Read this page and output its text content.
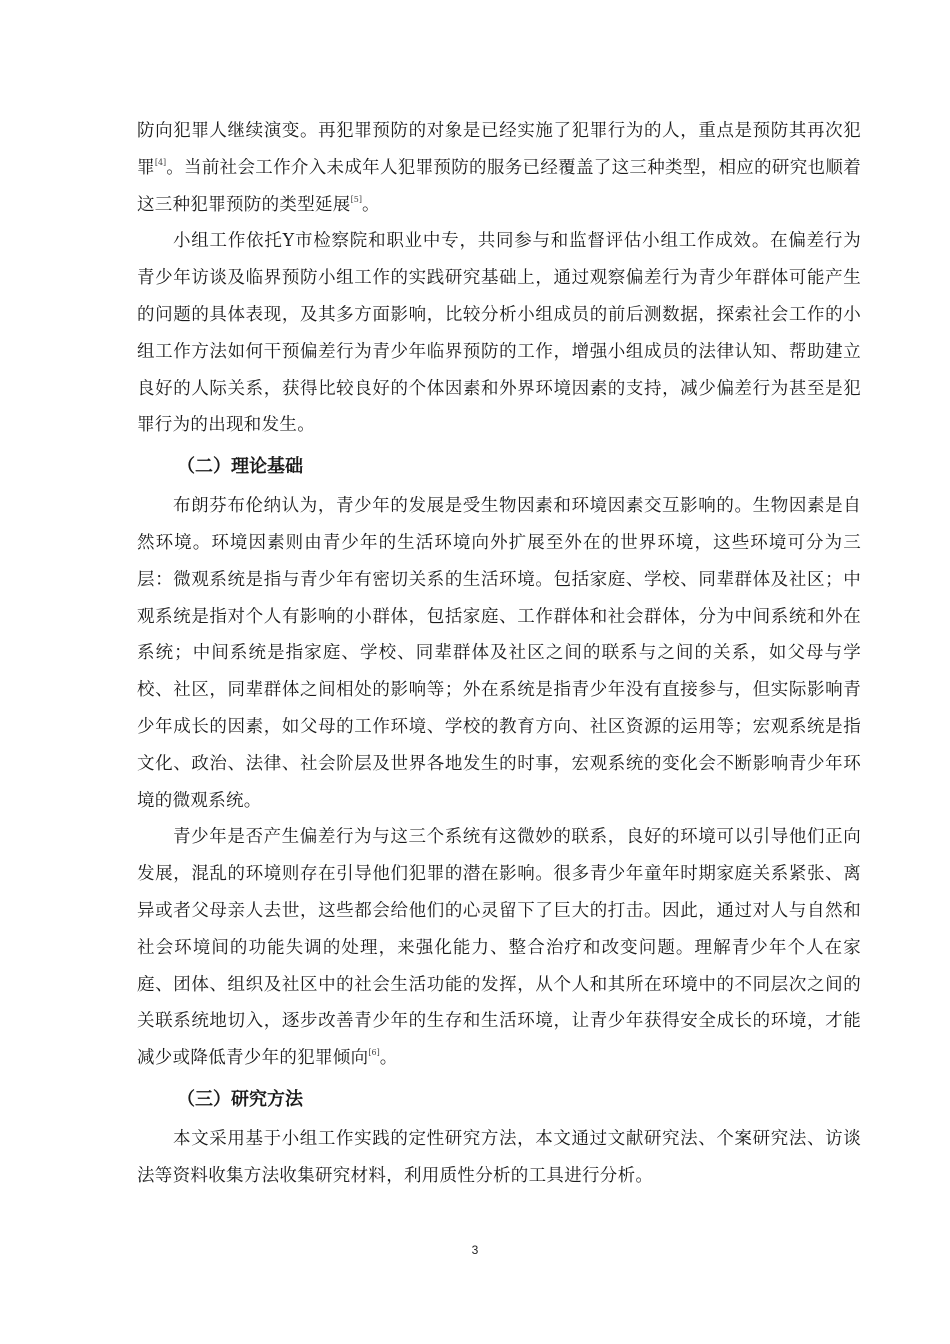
防向犯罪人继续演变。再犯罪预防的对象是已经实施了犯罪行为的人，重点是预防其再次犯罪[4]。当前社会工作介入未成年人犯罪预防的服务已经覆盖了这三种类型，相应的研究也顺着这三种犯罪预防的类型延展[5]。

小组工作依托Y市检察院和职业中专，共同参与和监督评估小组工作成效。在偏差行为青少年访谈及临界预防小组工作的实践研究基础上，通过观察偏差行为青少年群体可能产生的问题的具体表现，及其多方面影响，比较分析小组成员的前后测数据，探索社会工作的小组工作方法如何干预偏差行为青少年临界预防的工作，增强小组成员的法律认知、帮助建立良好的人际关系，获得比较良好的个体因素和外界环境因素的支持，减少偏差行为甚至是犯罪行为的出现和发生。

（二）理论基础

布朗芬布伦纳认为，青少年的发展是受生物因素和环境因素交互影响的。生物因素是自然环境。环境因素则由青少年的生活环境向外扩展至外在的世界环境，这些环境可分为三层：微观系统是指与青少年有密切关系的生活环境。包括家庭、学校、同辈群体及社区；中观系统是指对个人有影响的小群体，包括家庭、工作群体和社会群体，分为中间系统和外在系统；中间系统是指家庭、学校、同辈群体及社区之间的联系与之间的关系，如父母与学校、社区，同辈群体之间相处的影响等；外在系统是指青少年没有直接参与，但实际影响青少年成长的因素，如父母的工作环境、学校的教育方向、社区资源的运用等；宏观系统是指文化、政治、法律、社会阶层及世界各地发生的时事，宏观系统的变化会不断影响青少年环境的微观系统。

青少年是否产生偏差行为与这三个系统有这微妙的联系，良好的环境可以引导他们正向发展，混乱的环境则存在引导他们犯罪的潜在影响。很多青少年童年时期家庭关系紧张、离异或者父母亲人去世，这些都会给他们的心灵留下了巨大的打击。因此，通过对人与自然和社会环境间的功能失调的处理，来强化能力、整合治疗和改变问题。理解青少年个人在家庭、团体、组织及社区中的社会生活功能的发挥，从个人和其所在环境中的不同层次之间的关联系统地切入，逐步改善青少年的生存和生活环境，让青少年获得安全成长的环境，才能减少或降低青少年的犯罪倾向[6]。

（三）研究方法

本文采用基于小组工作实践的定性研究方法，本文通过文献研究法、个案研究法、访谈法等资料收集方法收集研究材料，利用质性分析的工具进行分析。

3
